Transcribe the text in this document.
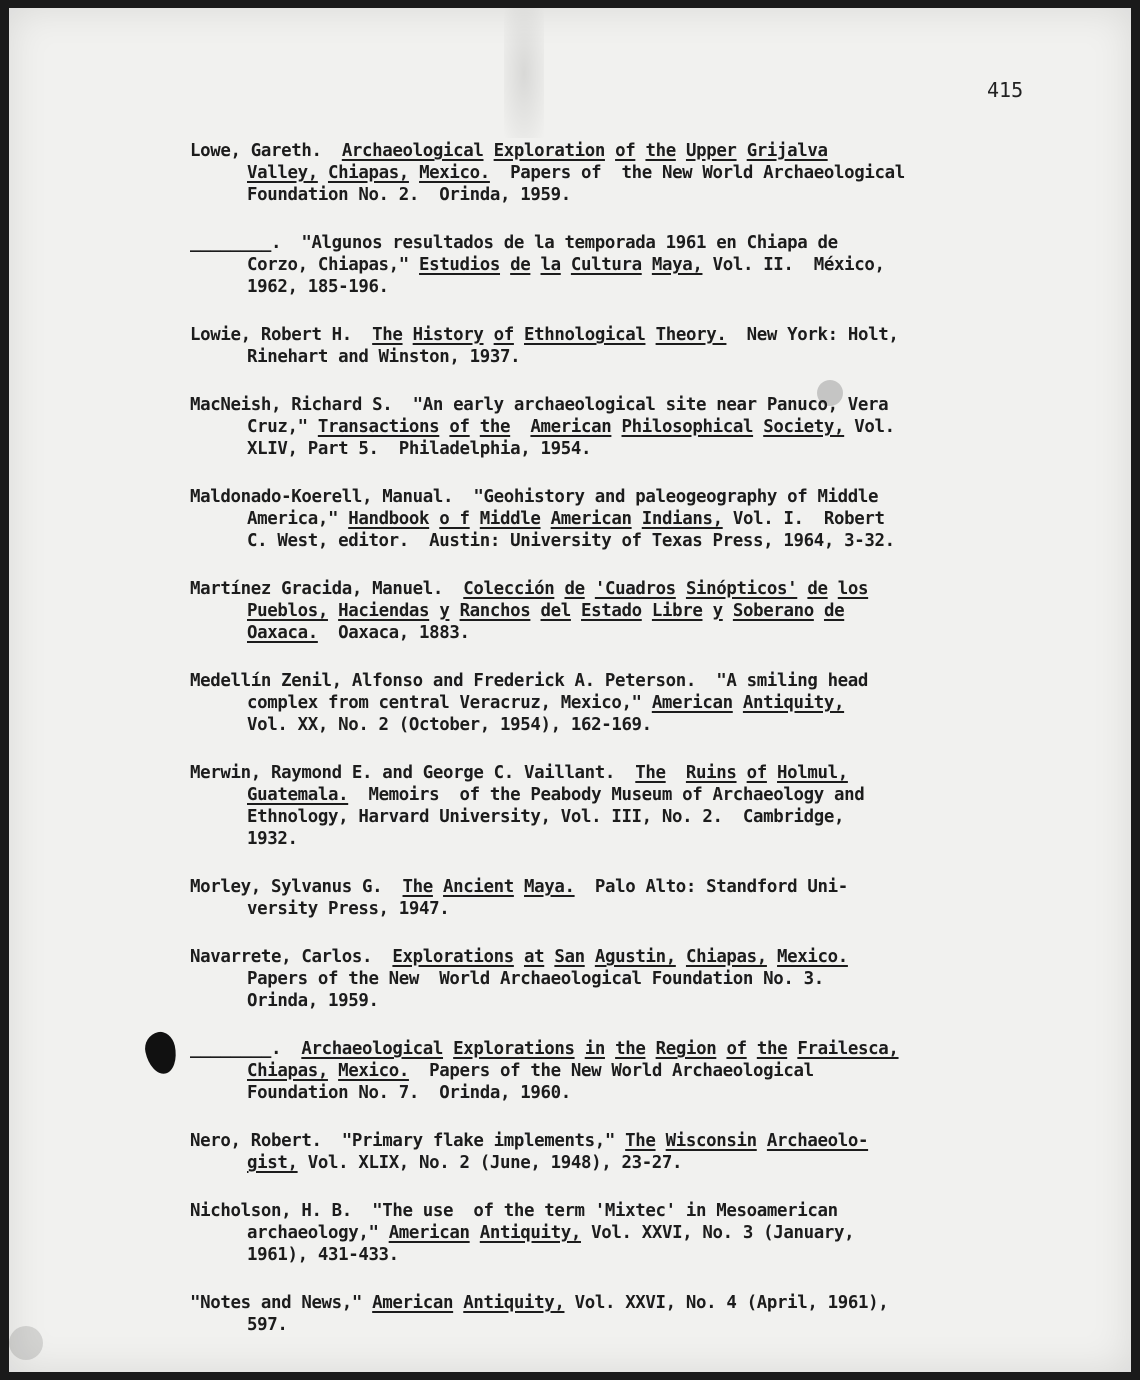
415
Lowe, Gareth.  Archaeological Exploration of the Upper Grijalva
Valley, Chiapas, Mexico.  Papers of  the New World Archaeological
Foundation No. 2.  Orinda, 1959.
________.  "Algunos resultados de la temporada 1961 en Chiapa de
Corzo, Chiapas," Estudios de la Cultura Maya, Vol. II.  México,
1962, 185-196.
Lowie, Robert H.  The History of Ethnological Theory.  New York: Holt,
Rinehart and Winston, 1937.
MacNeish, Richard S.  "An early archaeological site near Panuco, Vera
Cruz," Transactions of the American Philosophical Society, Vol.
XLIV, Part 5.  Philadelphia, 1954.
Maldonado-Koerell, Manual.  "Geohistory and paleogeography of Middle
America," Handbook o f Middle American Indians, Vol. I.  Robert
C. West, editor.  Austin: University of Texas Press, 1964, 3-32.
Martínez Gracida, Manuel.  Colección de 'Cuadros Sinópticos' de los
Pueblos, Haciendas y Ranchos del Estado Libre y Soberano de
Oaxaca.  Oaxaca, 1883.
Medellín Zenil, Alfonso and Frederick A. Peterson.  "A smiling head
complex from central Veracruz, Mexico," American Antiquity,
Vol. XX, No. 2 (October, 1954), 162-169.
Merwin, Raymond E. and George C. Vaillant.  The Ruins of Holmul,
Guatemala.  Memoirs  of the Peabody Museum of Archaeology and
Ethnology, Harvard University, Vol. III, No. 2.  Cambridge,
1932.
Morley, Sylvanus G.  The Ancient Maya.  Palo Alto: Standford Uni-
versity Press, 1947.
Navarrete, Carlos.  Explorations at San Agustin, Chiapas, Mexico.
Papers of the New  World Archaeological Foundation No. 3.
Orinda, 1959.
________.  Archaeological Explorations in the Region of the Frailesca,
Chiapas, Mexico.  Papers of the New World Archaeological
Foundation No. 7.  Orinda, 1960.
Nero, Robert.  "Primary flake implements," The Wisconsin Archaeolo-
gist, Vol. XLIX, No. 2 (June, 1948), 23-27.
Nicholson, H. B.  "The use  of the term 'Mixtec' in Mesoamerican
archaeology," American Antiquity, Vol. XXVI, No. 3 (January,
1961), 431-433.
"Notes and News," American Antiquity, Vol. XXVI, No. 4 (April, 1961),
597.
